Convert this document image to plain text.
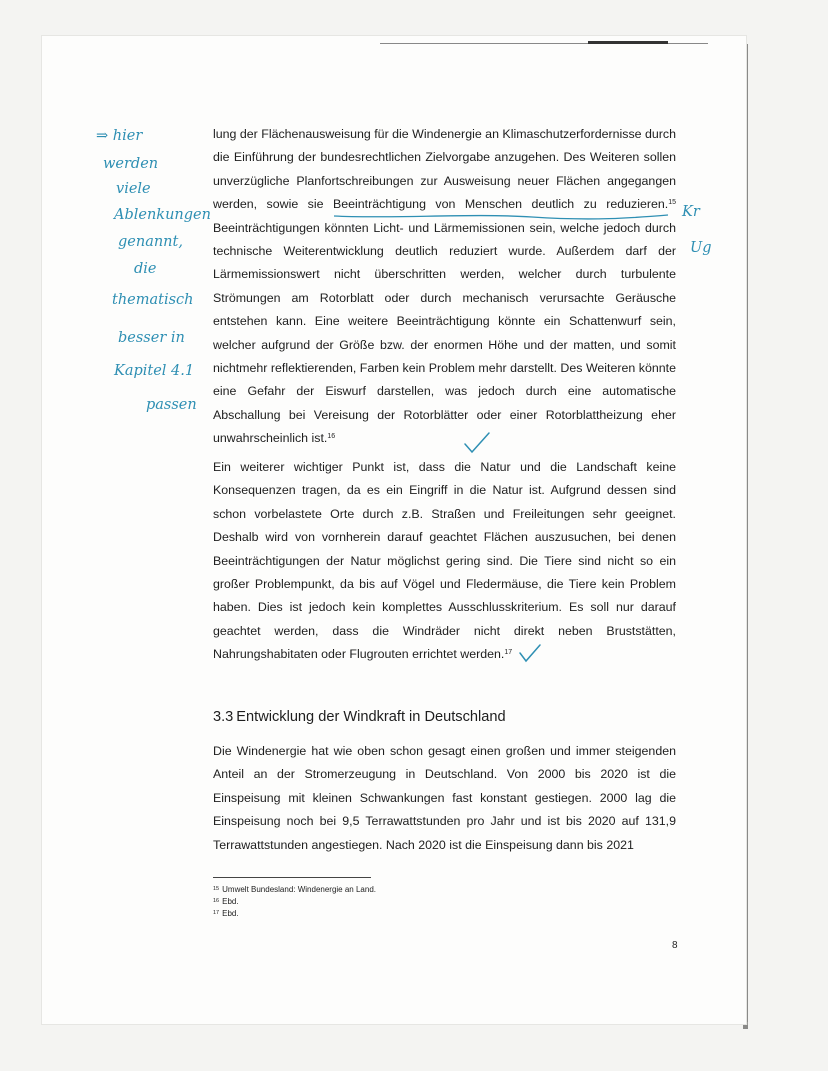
lung der Flächenausweisung für die Windenergie an Klimaschutzerfordernisse durch die Einführung der bundesrechtlichen Zielvorgabe anzugehen. Des Weiteren sollen unverzügliche Planfortschreibungen zur Ausweisung neuer Flächen angegangen werden, sowie sie Beeinträchtigung von Menschen deutlich zu reduzieren.$^{15}$ Beeinträchtigungen könnten Licht- und Lärmemissionen sein, welche jedoch durch technische Weiterentwicklung deutlich reduziert wurde. Außerdem darf der Lärmemissionswert nicht überschritten werden, welcher durch turbulente Strömungen am Rotorblatt oder durch mechanisch verursachte Geräusche entstehen kann. Eine weitere Beeinträchtigung könnte ein Schattenwurf sein, welcher aufgrund der Größe bzw. der enormen Höhe und der matten, und somit nichtmehr reflektierenden, Farben kein Problem mehr darstellt. Des Weiteren könnte eine Gefahr der Eiswurf darstellen, was jedoch durch eine automatische Abschallung bei Vereisung der Rotorblätter oder einer Rotorblattheizung eher unwahrscheinlich ist.$^{16}$

Ein weiterer wichtiger Punkt ist, dass die Natur und die Landschaft keine Konsequenzen tragen, da es ein Eingriff in die Natur ist. Aufgrund dessen sind schon vorbelastete Orte durch z.B. Straßen und Freileitungen sehr geeignet. Deshalb wird von vornherein darauf geachtet Flächen auszusuchen, bei denen Beeinträchtigungen der Natur möglichst gering sind. Die Tiere sind nicht so ein großer Problempunkt, da bis auf Vögel und Fledermäuse, die Tiere kein Problem haben. Dies ist jedoch kein komplettes Ausschlusskriterium. Es soll nur darauf geachtet werden, dass die Windräder nicht direkt neben Bruststätten, Nahrungshabitaten oder Flugrouten errichtet werden.$^{17}$

3.3 Entwicklung der Windkraft in Deutschland

Die Windenergie hat wie oben schon gesagt einen großen und immer steigenden Anteil an der Stromerzeugung in Deutschland. Von 2000 bis 2020 ist die Einspeisung mit kleinen Schwankungen fast konstant gestiegen. 2000 lag die Einspeisung noch bei 9,5 Terrawattstunden pro Jahr und ist bis 2020 auf 131,9 Terrawattstunden angestiegen. Nach 2020 ist die Einspeisung dann bis 2021

$^{15}$ Umwelt Bundesland: Windenergie an Land.
$^{16}$ Ebd.
$^{17}$ Ebd.
8
⇒ hier
werden
viele
Ablenkungen
genannt,
die
thematisch
besser in
Kapitel 4.1
passen
Kr
Ug
